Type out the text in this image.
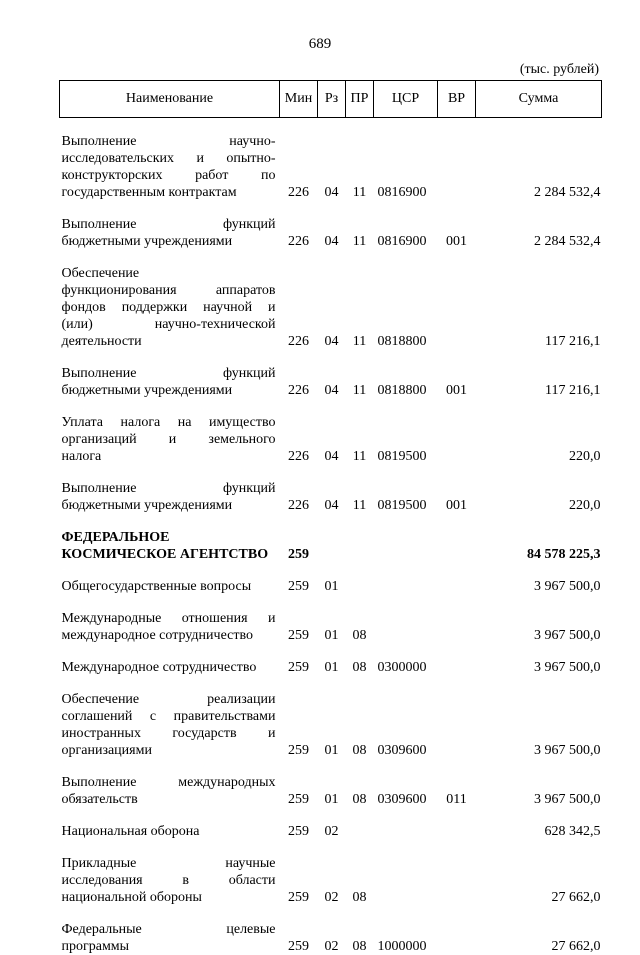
689
(тыс. рублей)
Наименование	Мин	Рз	ПР	ЦСР	ВР	Сумма

Выполнение научно-
исследовательских и опытно-
конструкторских работ по
государственным контрактам	226	04	11	0816900		2 284 532,4

Выполнение функций
бюджетными учреждениями	226	04	11	0816900	001	2 284 532,4

Обеспечение
функционирования аппаратов
фондов поддержки научной и
(или) научно-технической
деятельности	226	04	11	0818800		117 216,1

Выполнение функций
бюджетными учреждениями	226	04	11	0818800	001	117 216,1

Уплата налога на имущество
организаций и земельного
налога	226	04	11	0819500		220,0

Выполнение функций
бюджетными учреждениями	226	04	11	0819500	001	220,0

ФЕДЕРАЛЬНОЕ
КОСМИЧЕСКОЕ АГЕНТСТВО	259					84 578 225,3

Общегосударственные вопросы	259	01				3 967 500,0

Международные отношения и
международное сотрудничество	259	01	08			3 967 500,0

Международное сотрудничество	259	01	08	0300000		3 967 500,0

Обеспечение реализации
соглашений с правительствами
иностранных государств и
организациями	259	01	08	0309600		3 967 500,0

Выполнение международных
обязательств	259	01	08	0309600	011	3 967 500,0

Национальная оборона	259	02				628 342,5

Прикладные научные
исследования в области
национальной обороны	259	02	08			27 662,0

Федеральные целевые
программы	259	02	08	1000000		27 662,0
